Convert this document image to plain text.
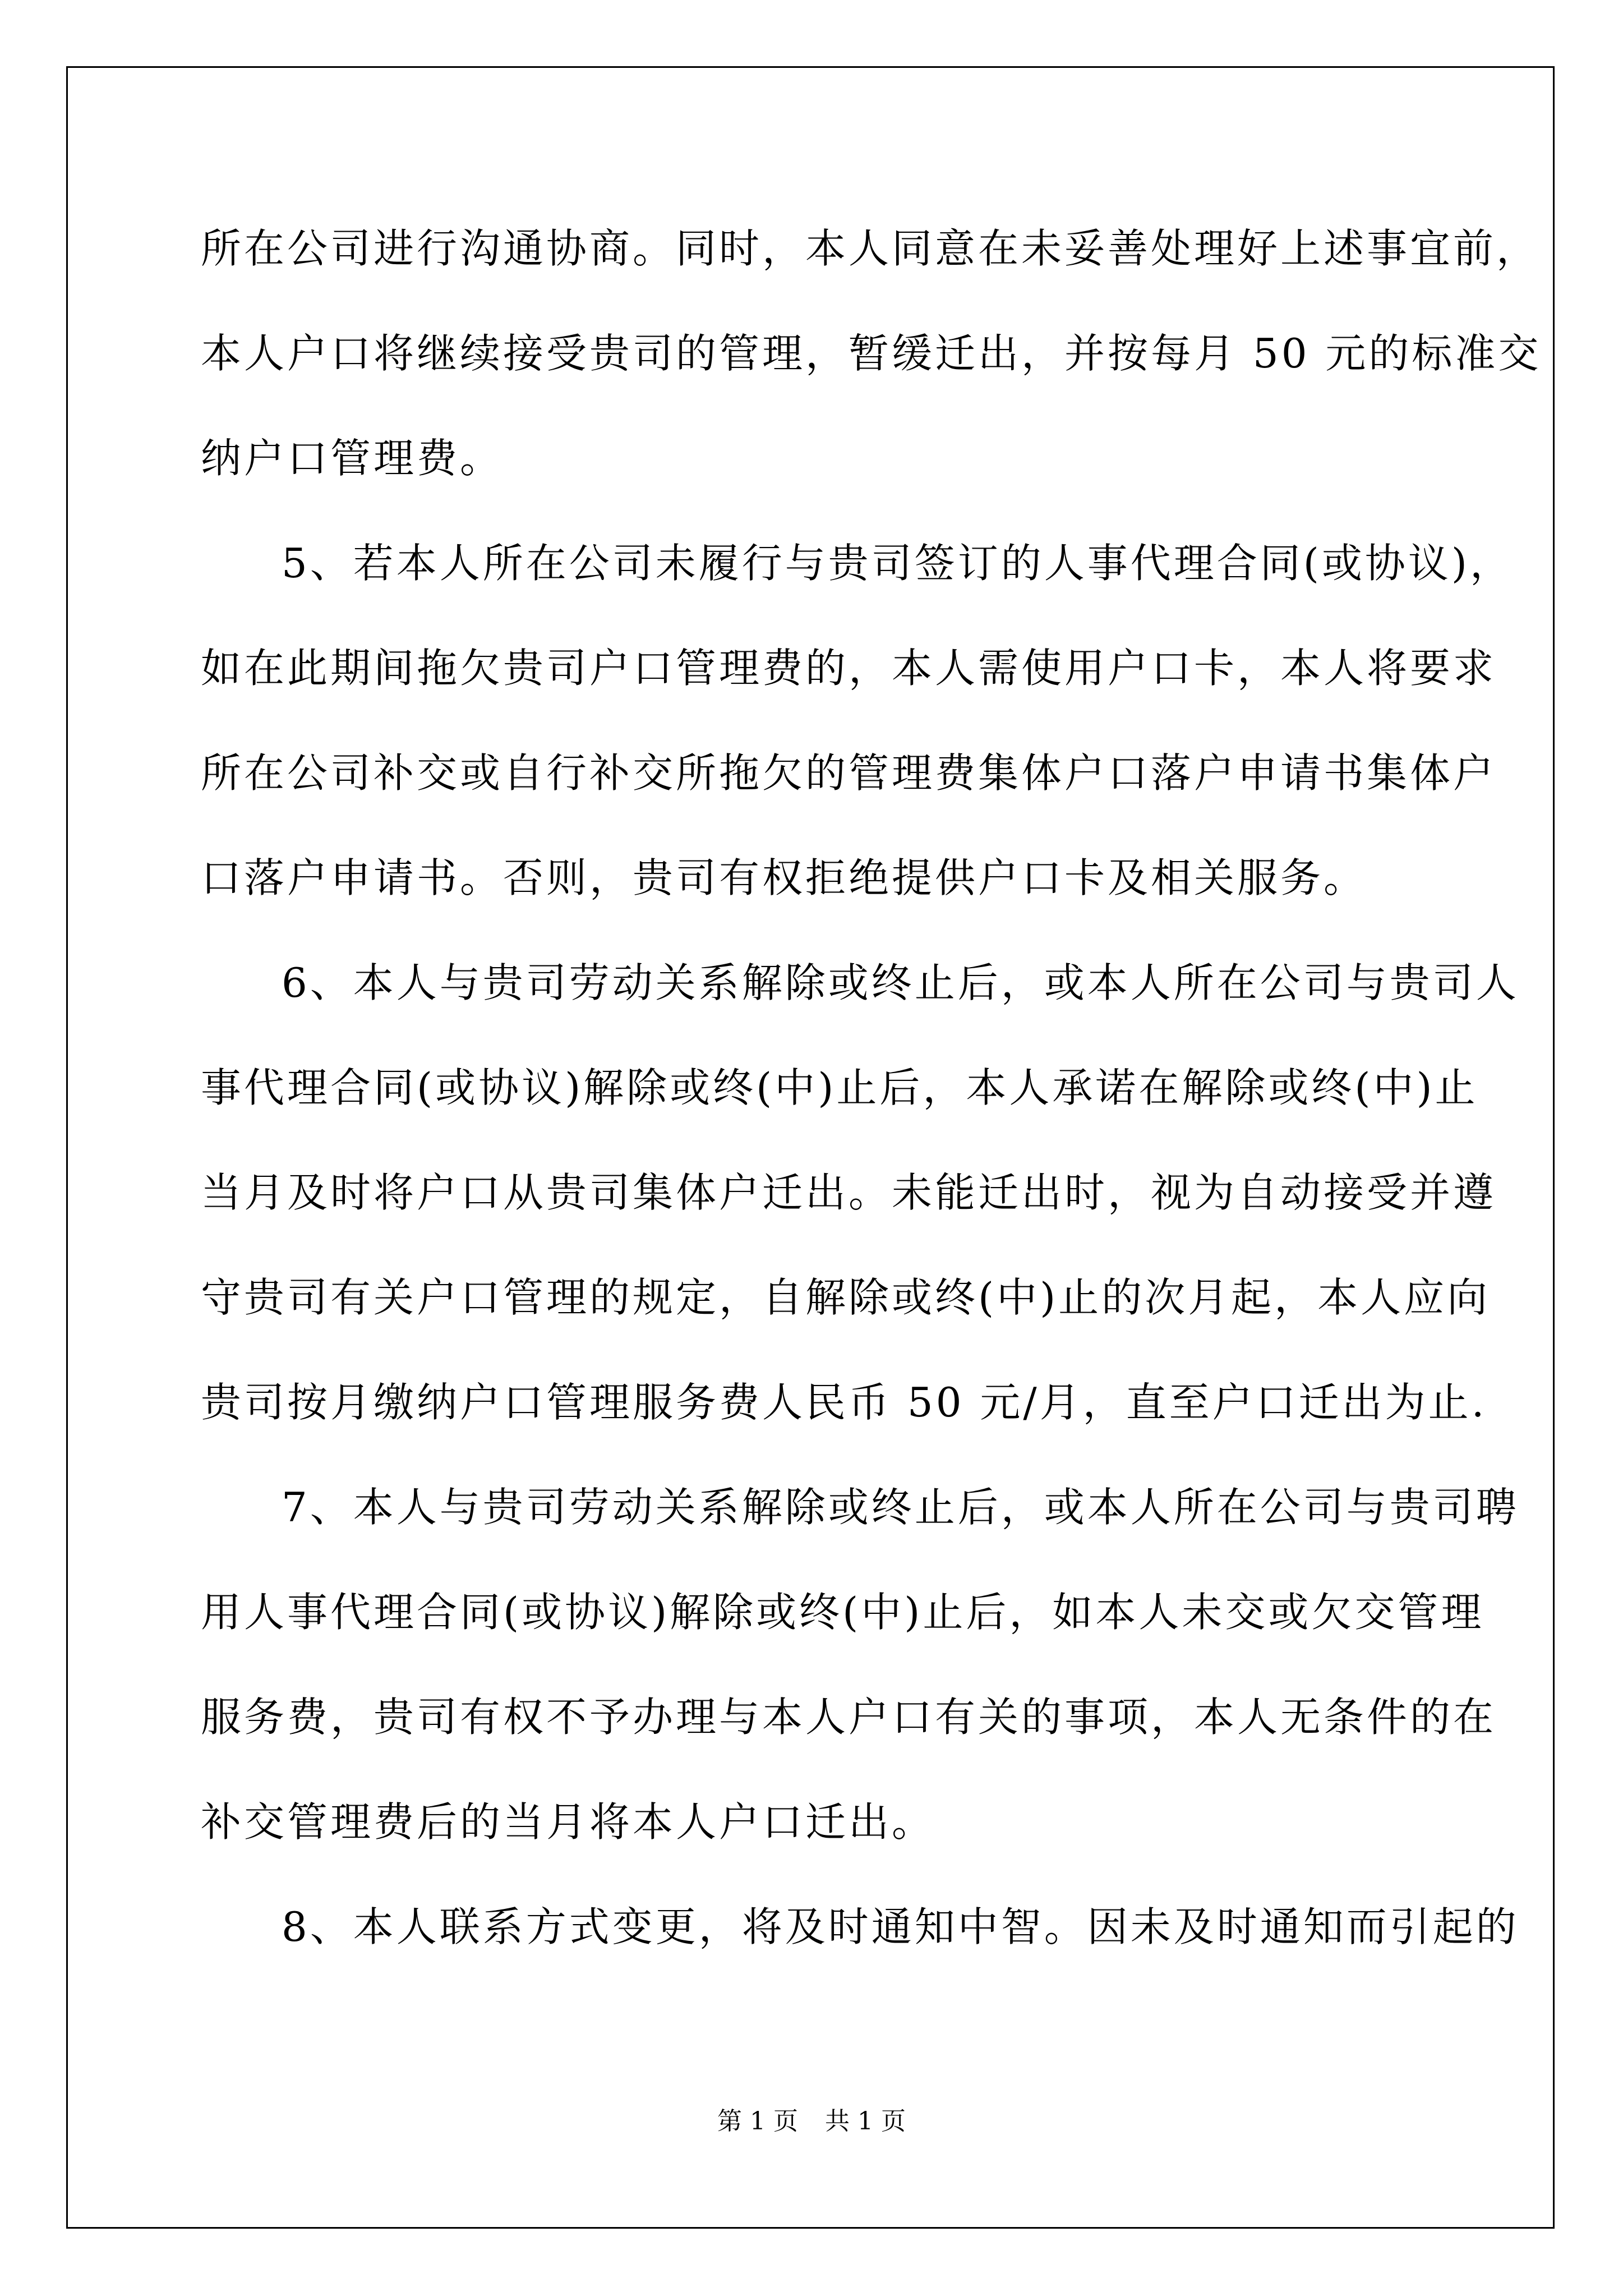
所在公司进行沟通协商。同时，本人同意在未妥善处理好上述事宜前，
本人户口将继续接受贵司的管理，暂缓迁出，并按每月 50 元的标准交
纳户口管理费。
5、若本人所在公司未履行与贵司签订的人事代理合同(或协议)，
如在此期间拖欠贵司户口管理费的，本人需使用户口卡，本人将要求
所在公司补交或自行补交所拖欠的管理费集体户口落户申请书集体户
口落户申请书。否则，贵司有权拒绝提供户口卡及相关服务。
6、本人与贵司劳动关系解除或终止后，或本人所在公司与贵司人
事代理合同(或协议)解除或终(中)止后，本人承诺在解除或终(中)止
当月及时将户口从贵司集体户迁出。未能迁出时，视为自动接受并遵
守贵司有关户口管理的规定，自解除或终(中)止的次月起，本人应向
贵司按月缴纳户口管理服务费人民币 50 元/月，直至户口迁出为止.
7、本人与贵司劳动关系解除或终止后，或本人所在公司与贵司聘
用人事代理合同(或协议)解除或终(中)止后，如本人未交或欠交管理
服务费，贵司有权不予办理与本人户口有关的事项，本人无条件的在
补交管理费后的当月将本人户口迁出。
8、本人联系方式变更，将及时通知中智。因未及时通知而引起的
第 1 页 共 1 页
